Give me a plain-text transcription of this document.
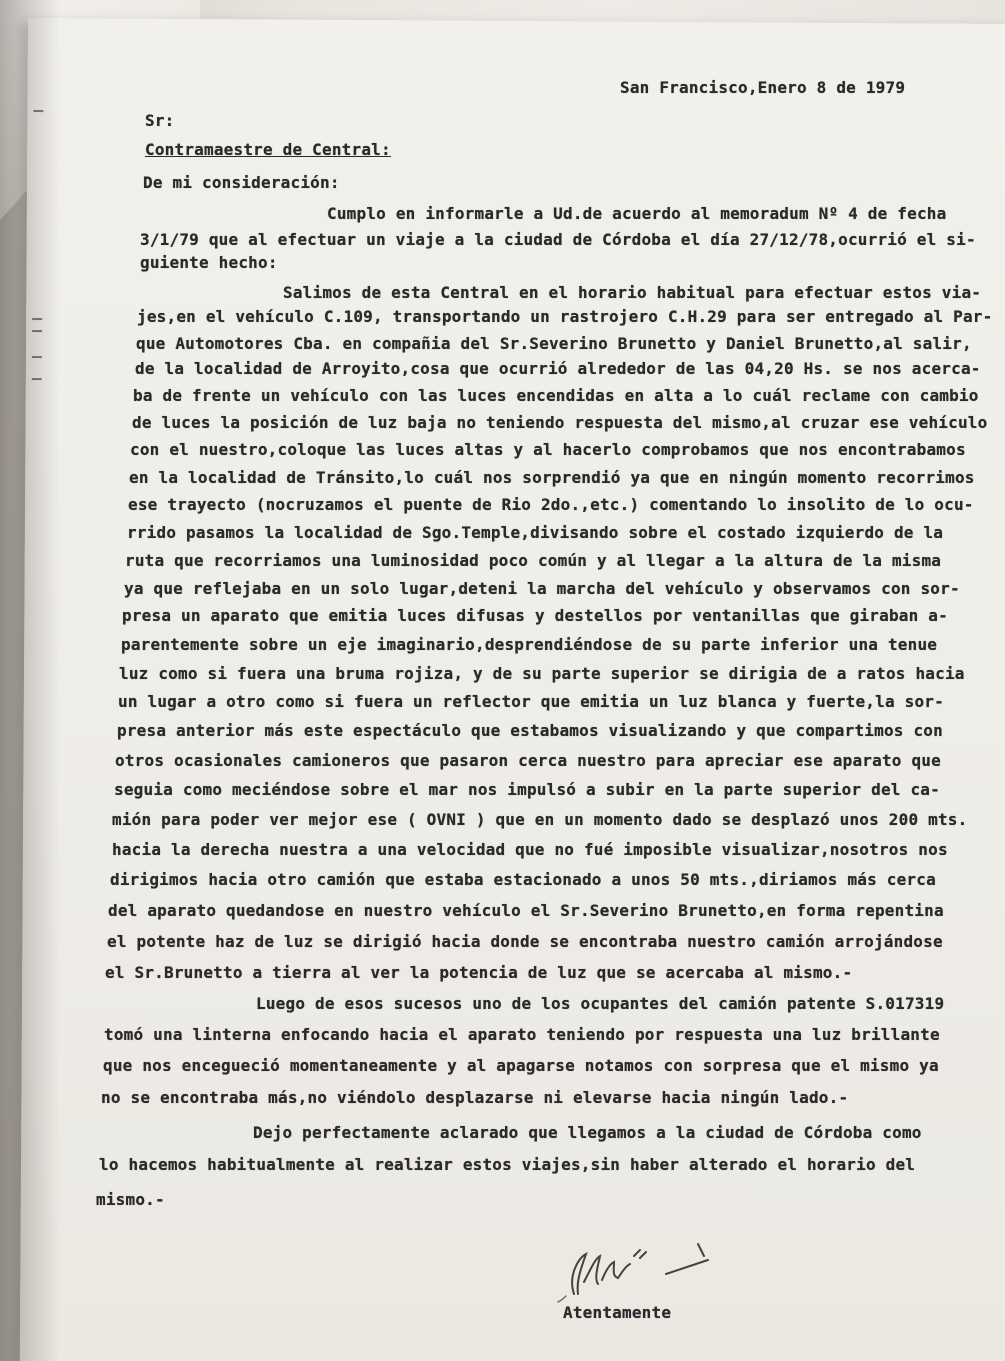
San Francisco,Enero 8 de 1979
Sr:
Contramaestre de Central:
De mi consideración:
Cumplo en informarle a Ud.de acuerdo al memoradum Nº 4 de fecha
3/1/79 que al efectuar un viaje a la ciudad de Córdoba el día 27/12/78,ocurrió el si-
guiente hecho:
Salimos de esta Central en el horario habitual para efectuar estos via-
jes,en el vehículo C.109, transportando un rastrojero C.H.29 para ser entregado al Par-
que Automotores Cba. en compañia del Sr.Severino Brunetto y Daniel Brunetto,al salir,
de la localidad de Arroyito,cosa que ocurrió alrededor de las 04,20 Hs. se nos acerca-
ba de frente un vehículo con las luces encendidas en alta a lo cuál reclame con cambio
de luces la posición de luz baja no teniendo respuesta del mismo,al cruzar ese vehículo
con el nuestro,coloque las luces altas y al hacerlo comprobamos que nos encontrabamos
en la localidad de Tránsito,lo cuál nos sorprendió ya que en ningún momento recorrimos
ese trayecto (nocruzamos el puente de Rio 2do.,etc.) comentando lo insolito de lo ocu-
rrido pasamos la localidad de Sgo.Temple,divisando sobre el costado izquierdo de la
ruta que recorriamos una luminosidad poco común y al llegar a la altura de la misma
ya que reflejaba en un solo lugar,deteni la marcha del vehículo y observamos con sor-
presa un aparato que emitia luces difusas y destellos por ventanillas que giraban a-
parentemente sobre un eje imaginario,desprendiéndose de su parte inferior una tenue
luz como si fuera una bruma rojiza, y de su parte superior se dirigia de a ratos hacia
un lugar a otro como si fuera un reflector que emitia un luz blanca y fuerte,la sor-
presa anterior más este espectáculo que estabamos visualizando y que compartimos con
otros ocasionales camioneros que pasaron cerca nuestro para apreciar ese aparato que
seguia como meciéndose sobre el mar nos impulsó a subir en la parte superior del ca-
mión para poder ver mejor ese ( OVNI ) que en un momento dado se desplazó unos 200 mts.
hacia la derecha nuestra a una velocidad que no fué imposible visualizar,nosotros nos
dirigimos hacia otro camión que estaba estacionado a unos 50 mts.,diriamos más cerca
del aparato quedandose en nuestro vehículo el Sr.Severino Brunetto,en forma repentina
el potente haz de luz se dirigió hacia donde se encontraba nuestro camión arrojándose
el Sr.Brunetto a tierra al ver la potencia de luz que se acercaba al mismo.-
Luego de esos sucesos uno de los ocupantes del camión patente S.017319
tomó una linterna enfocando hacia el aparato teniendo por respuesta una luz brillante
que nos encegueció momentaneamente y al apagarse notamos con sorpresa que el mismo ya
no se encontraba más,no viéndolo desplazarse ni elevarse hacia ningún lado.-
Dejo perfectamente aclarado que llegamos a la ciudad de Córdoba como
lo hacemos habitualmente al realizar estos viajes,sin haber alterado el horario del
mismo.-
Atentamente
